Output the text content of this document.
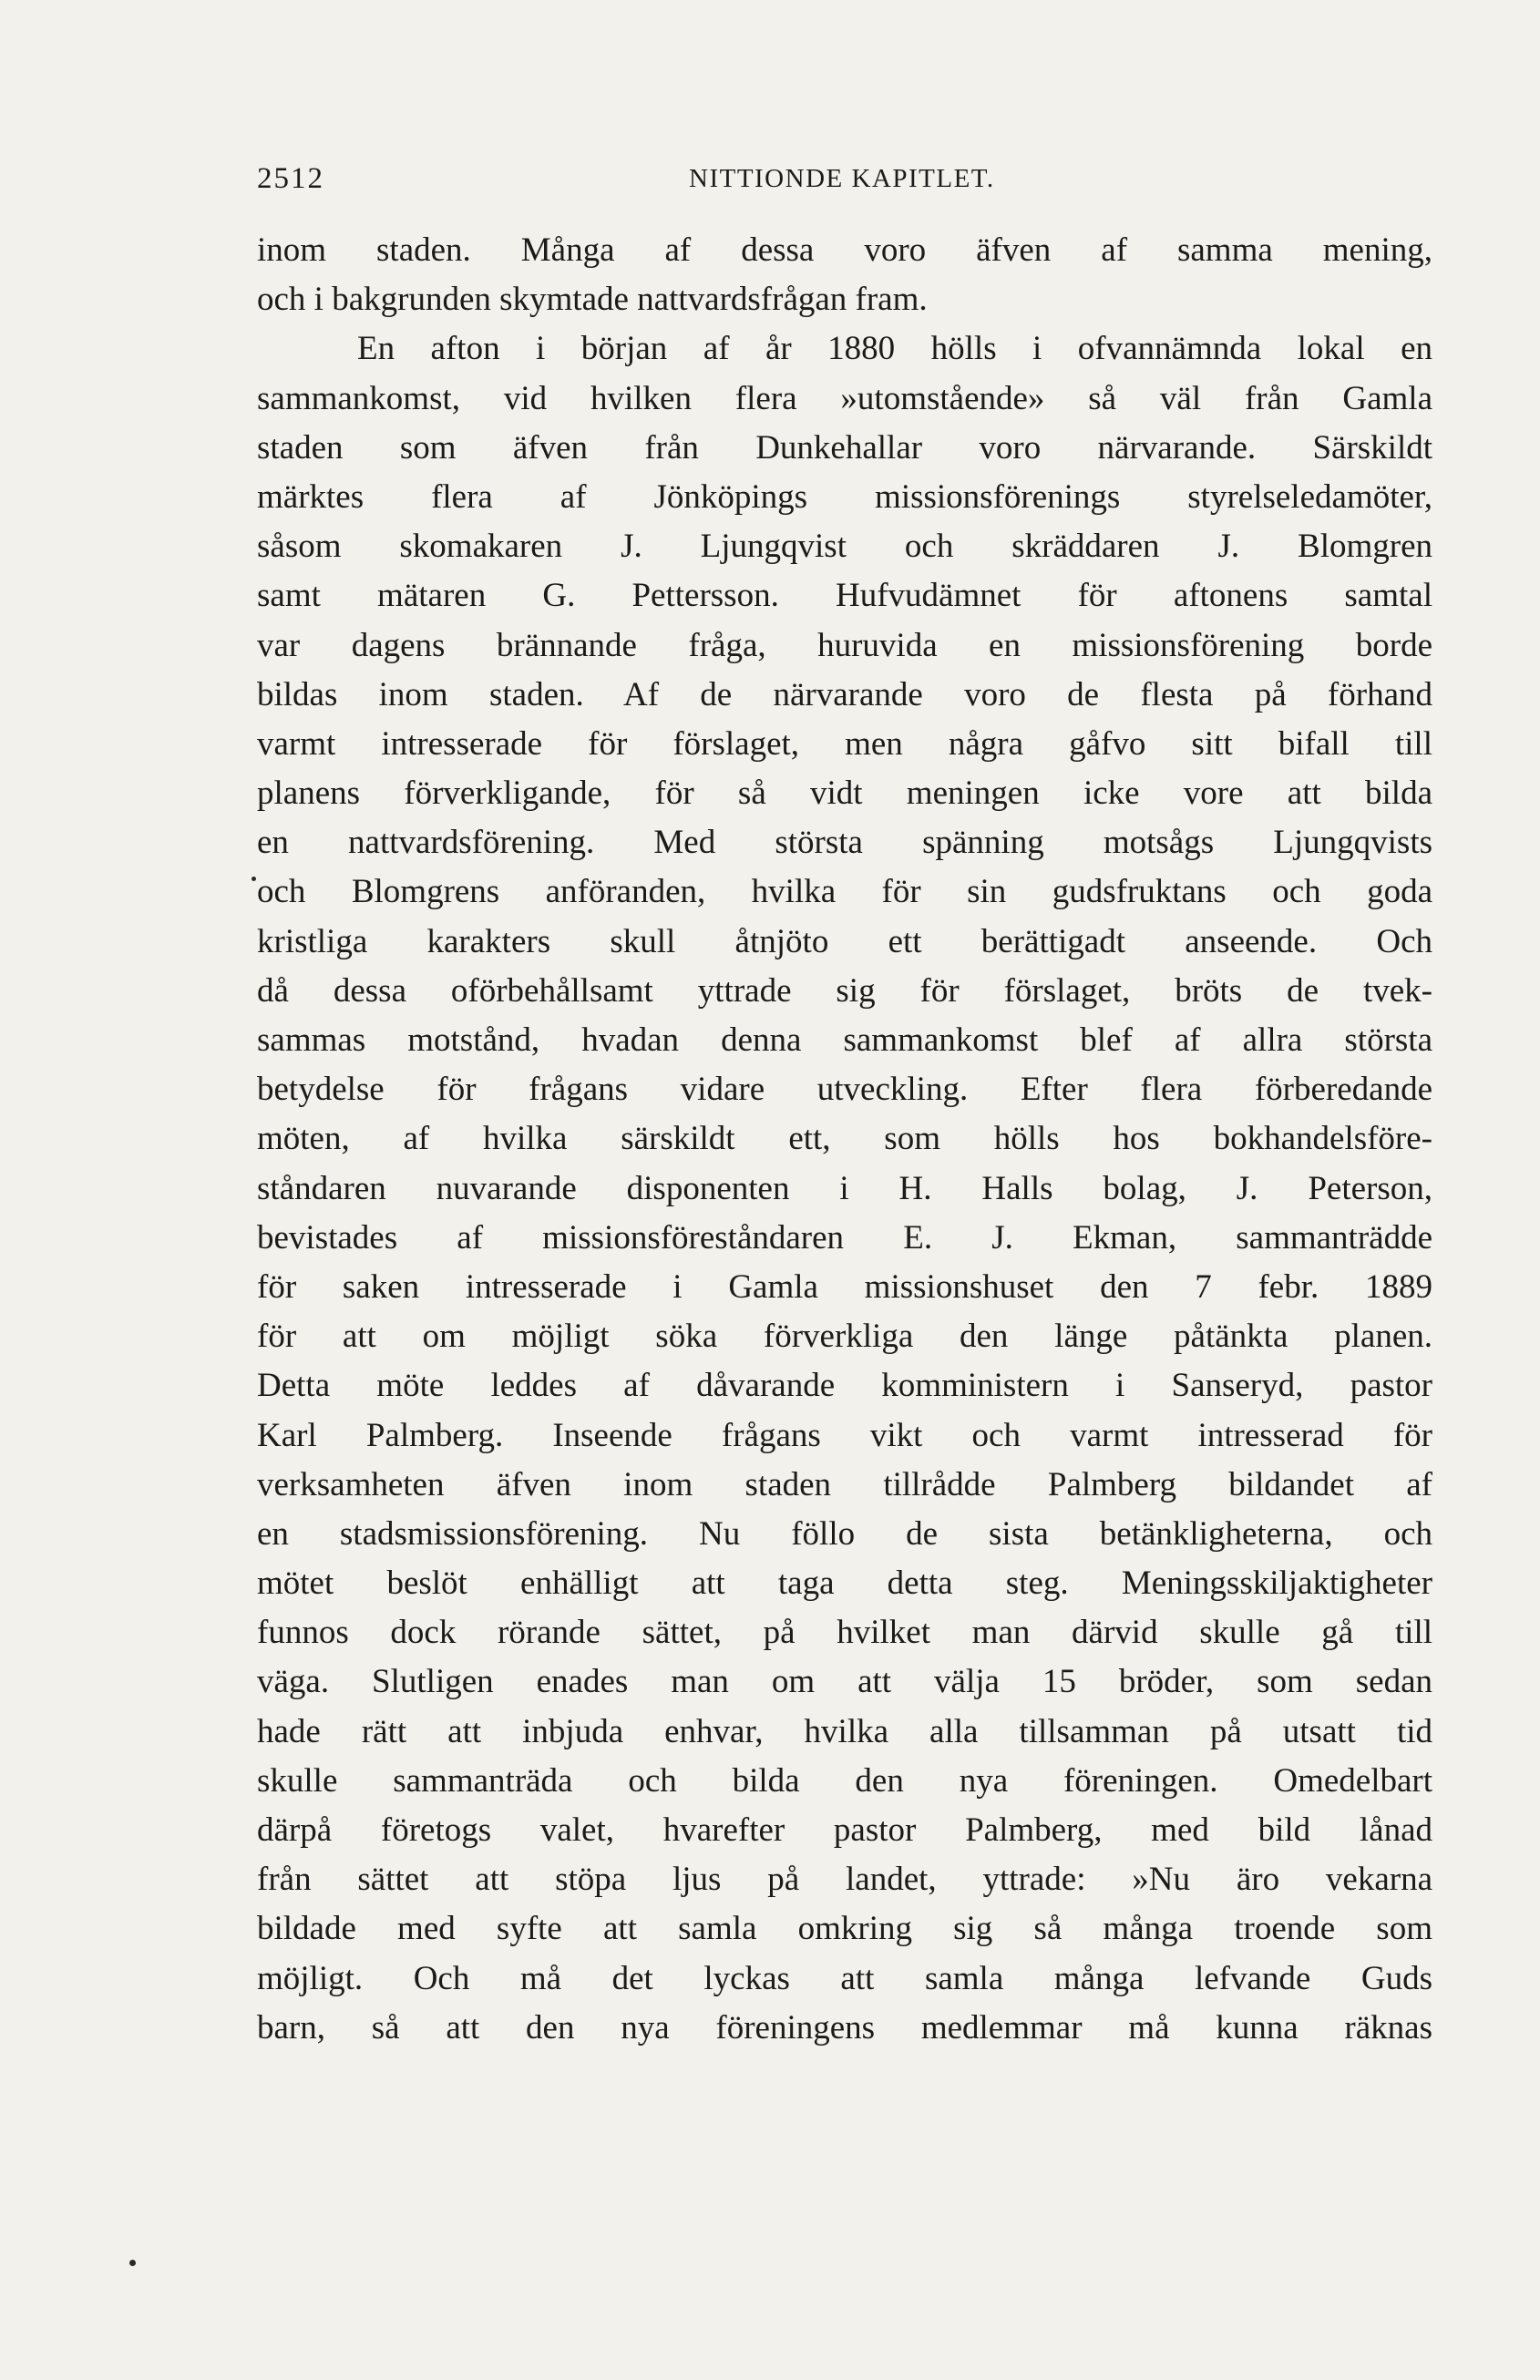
2512	NITTIONDE KAPITLET.
inom staden. Många af dessa voro äfven af samma mening,
och i bakgrunden skymtade nattvardsfrågan fram.
En afton i början af år 1880 hölls i ofvannämnda lokal en
sammankomst, vid hvilken flera »utomstående» så väl från Gamla
staden som äfven från Dunkehallar voro närvarande. Särskildt
märktes flera af Jönköpings missionsförenings styrelseledamöter,
såsom skomakaren J. Ljungqvist och skräddaren J. Blomgren
samt mätaren G. Pettersson. Hufvudämnet för aftonens samtal
var dagens brännande fråga, huruvida en missionsförening borde
bildas inom staden. Af de närvarande voro de flesta på förhand
varmt intresserade för förslaget, men några gåfvo sitt bifall till
planens förverkligande, för så vidt meningen icke vore att bilda
en nattvardsförening. Med största spänning motsågs Ljungqvists
och Blomgrens anföranden, hvilka för sin gudsfruktans och goda
kristliga karakters skull åtnjöto ett berättigadt anseende. Och
då dessa oförbehållsamt yttrade sig för förslaget, bröts de tvek-
sammas motstånd, hvadan denna sammankomst blef af allra största
betydelse för frågans vidare utveckling. Efter flera förberedande
möten, af hvilka särskildt ett, som hölls hos bokhandelsföre-
ståndaren nuvarande disponenten i H. Halls bolag, J. Peterson,
bevistades af missionsföreståndaren E. J. Ekman, sammanträdde
för saken intresserade i Gamla missionshuset den 7 febr. 1889
för att om möjligt söka förverkliga den länge påtänkta planen.
Detta möte leddes af dåvarande komministern i Sanseryd, pastor
Karl Palmberg. Inseende frågans vikt och varmt intresserad för
verksamheten äfven inom staden tillrådde Palmberg bildandet af
en stadsmissionsförening. Nu föllo de sista betänkligheterna, och
mötet beslöt enhälligt att taga detta steg. Meningsskiljaktigheter
funnos dock rörande sättet, på hvilket man därvid skulle gå till
väga. Slutligen enades man om att välja 15 bröder, som sedan
hade rätt att inbjuda enhvar, hvilka alla tillsamman på utsatt tid
skulle sammanträda och bilda den nya föreningen. Omedelbart
därpå företogs valet, hvarefter pastor Palmberg, med bild lånad
från sättet att stöpa ljus på landet, yttrade: »Nu äro vekarna
bildade med syfte att samla omkring sig så många troende som
möjligt. Och må det lyckas att samla många lefvande Guds
barn, så att den nya föreningens medlemmar må kunna räknas
